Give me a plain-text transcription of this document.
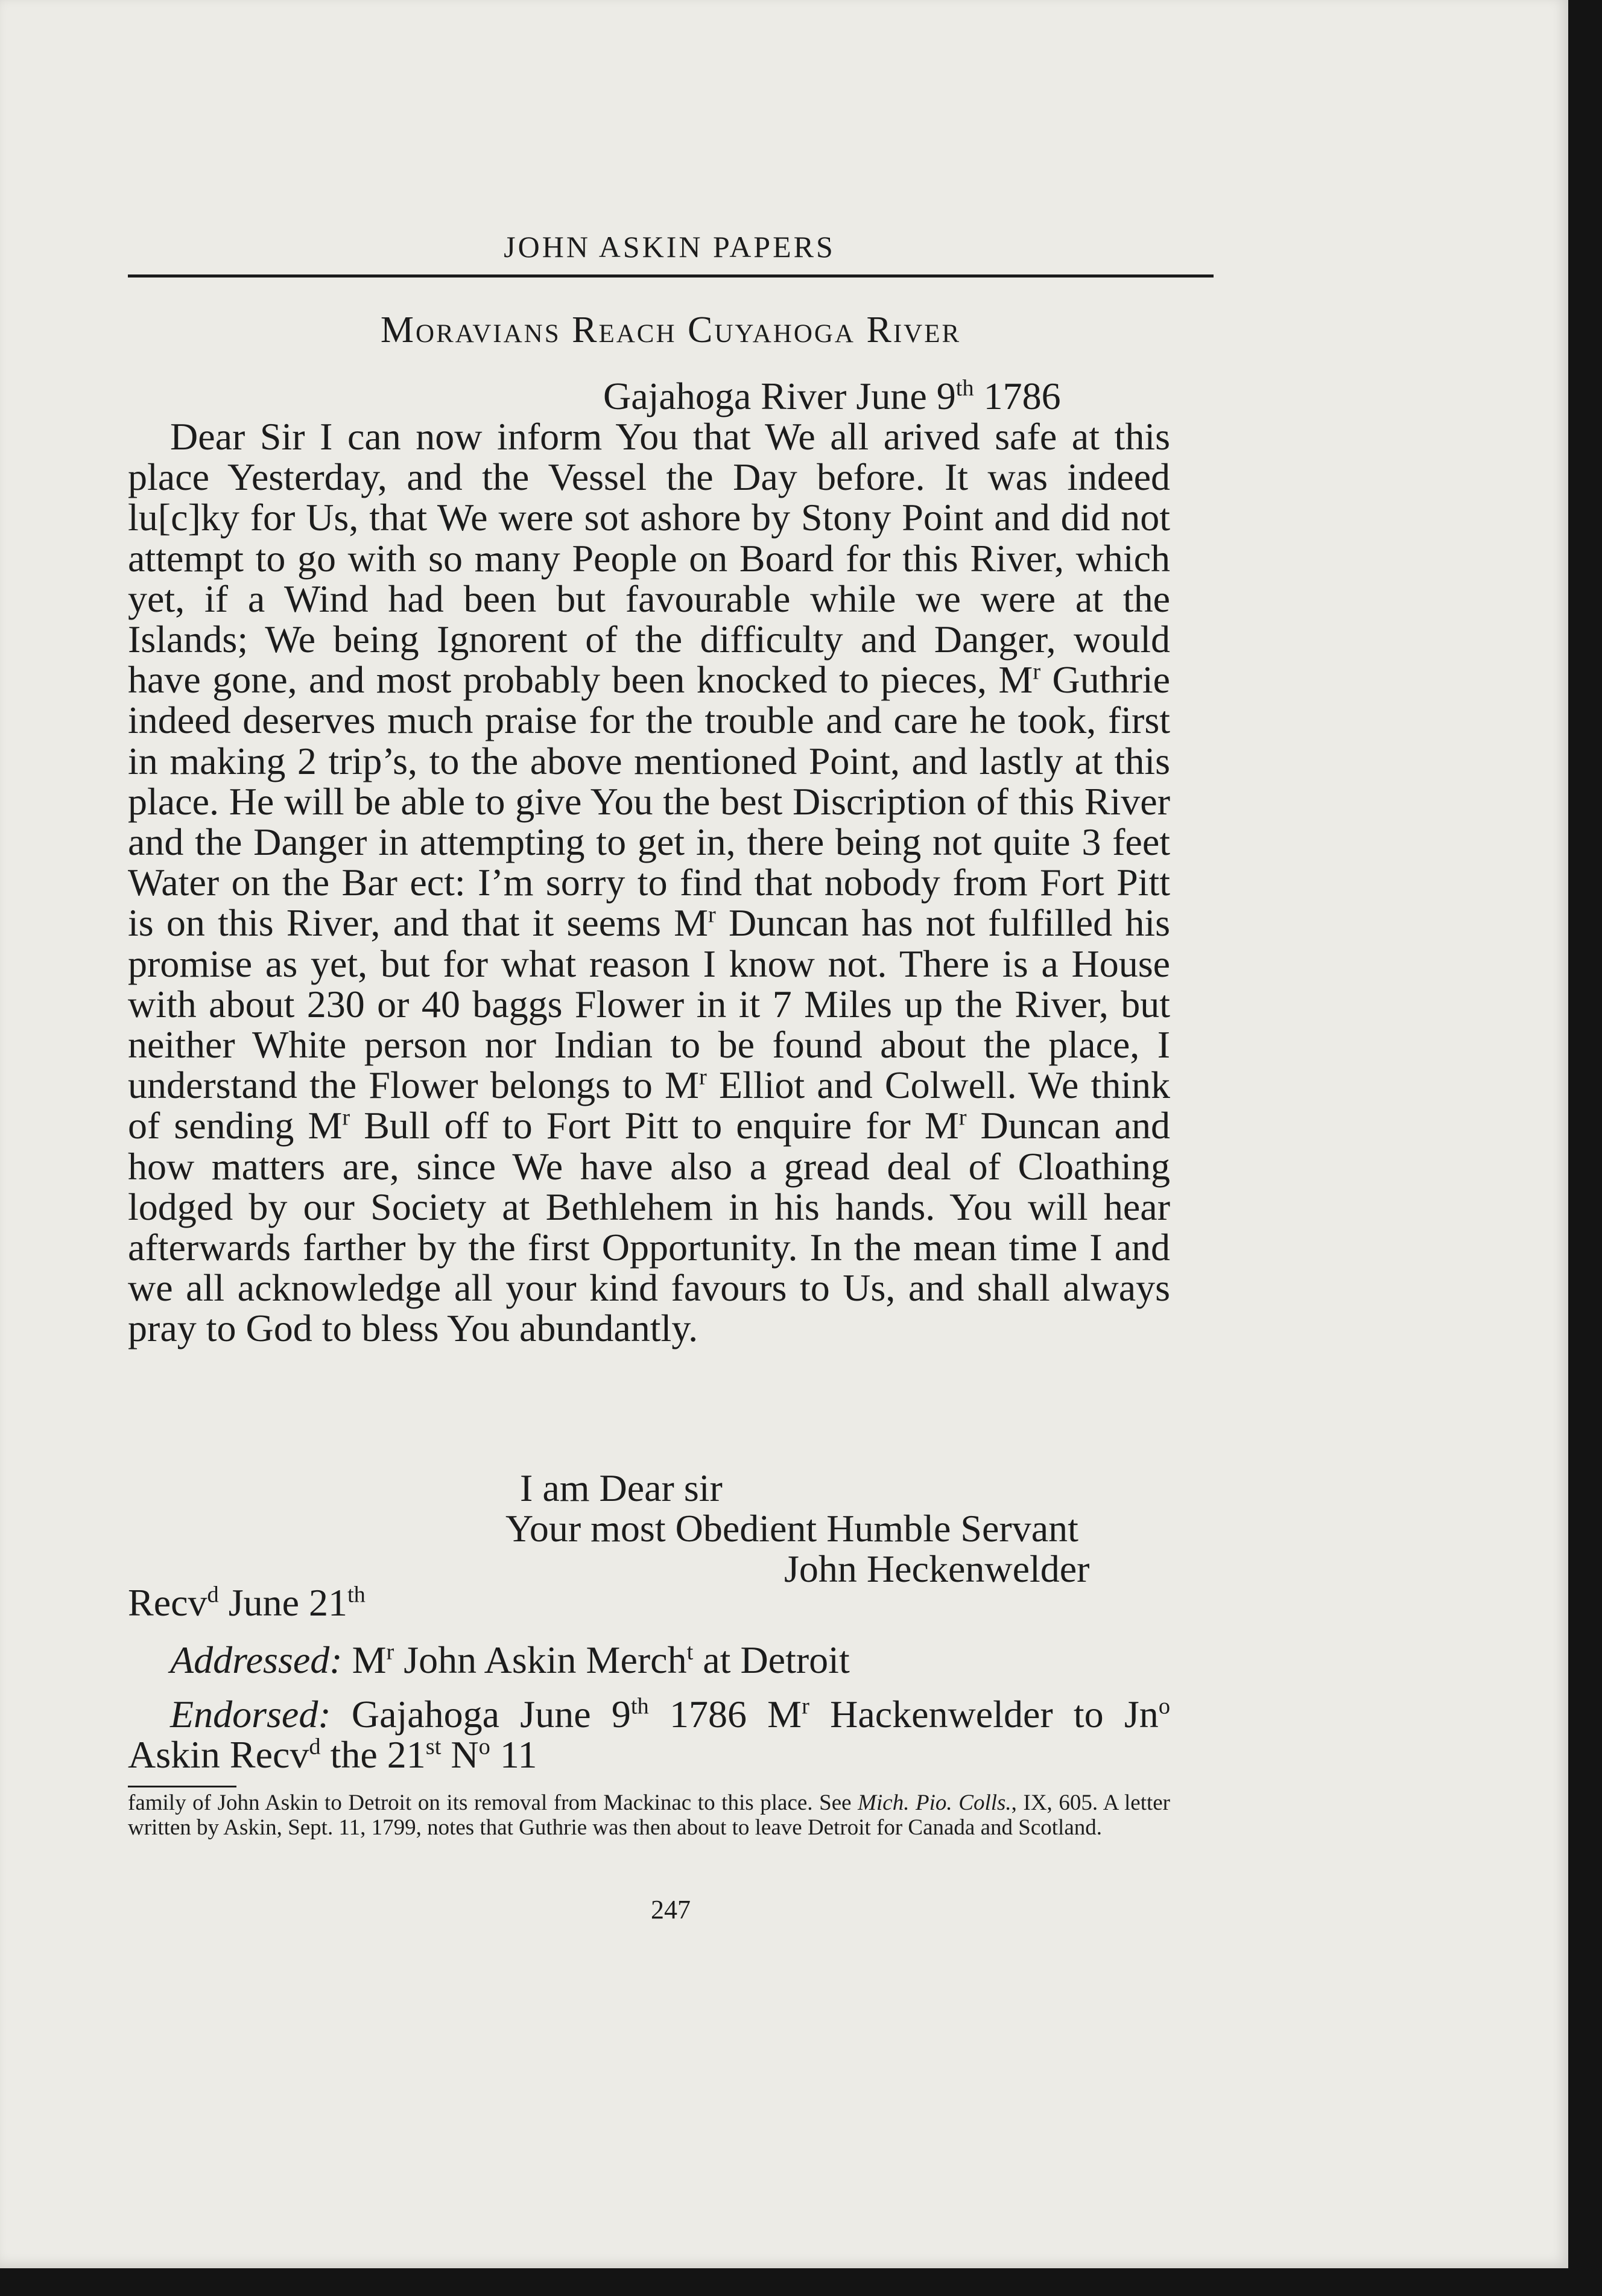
JOHN ASKIN PAPERS
Moravians Reach Cuyahoga River
Gajahoga River June 9th 1786

Dear Sir I can now inform You that We all arived safe at this place Yesterday, and the Vessel the Day before. It was indeed lu[c]ky for Us, that We were sot ashore by Stony Point and did not attempt to go with so many People on Board for this River, which yet, if a Wind had been but favourable while we were at the Islands; We being Ignorent of the difficulty and Danger, would have gone, and most probably been knocked to pieces, $M^r$ Guthrie indeed deserves much praise for the trouble and care he took, first in making 2 trip’s, to the above mentioned Point, and lastly at this place. He will be able to give You the best Discription of this River and the Danger in attempting to get in, there being not quite 3 feet Water on the Bar ect: I’m sorry to find that nobody from Fort Pitt is on this River, and that it seems $M^r$ Duncan has not fulfilled his promise as yet, but for what reason I know not. There is a House with about 230 or 40 baggs Flower in it 7 Miles up the River, but neither White person nor Indian to be found about the place, I understand the Flower belongs to $M^r$ Elliot and Colwell. We think of sending $M^r$ Bull off to Fort Pitt to enquire for $M^r$ Duncan and how matters are, since We have also a gread deal of Cloathing lodged by our Society at Bethlehem in his hands. You will hear afterwards farther by the first Opportunity. In the mean time I and we all acknowledge all your kind favours to Us, and shall always pray to God to bless You abundantly.

I am Dear sir
Your most Obedient Humble Servant
John Heckenwelder
Recv$^d$ June 21th
Addressed: $M^r$ John Askin Merch$^t$ at Detroit

Endorsed: Gajahoga June 9th 1786 $M^r$ Hackenwelder to Jn$^o$ Askin Recv$^d$ the 21st $N^o$ 11

family of John Askin to Detroit on its removal from Mackinac to this place. See Mich. Pio. Colls., IX, 605. A letter written by Askin, Sept. 11, 1799, notes that Guthrie was then about to leave Detroit for Canada and Scotland.

247
